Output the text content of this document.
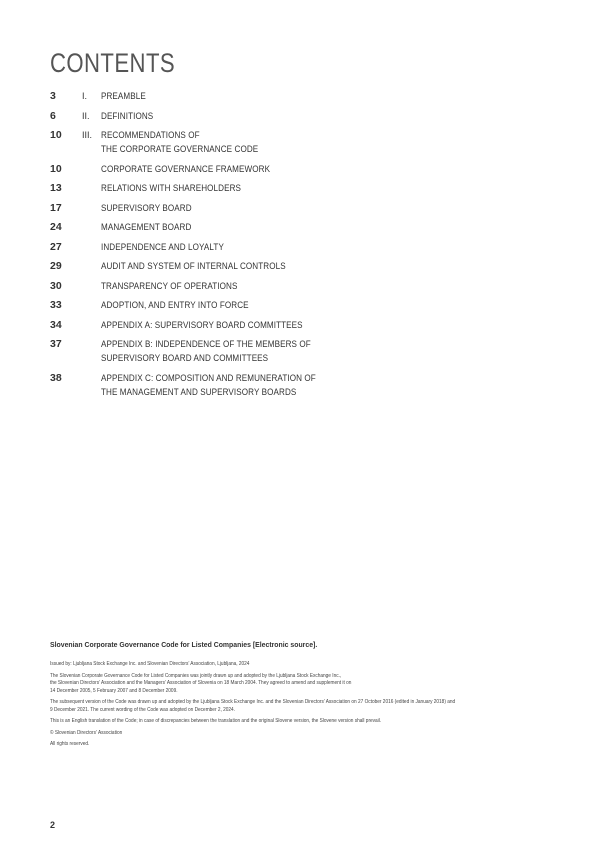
CONTENTS
3	I. PREAMBLE
6	II. DEFINITIONS
10 III. RECOMMENDATIONS OF
THE CORPORATE GOVERNANCE CODE
10	CORPORATE GOVERNANCE FRAMEWORK
13	RELATIONS WITH SHAREHOLDERS
17	SUPERVISORY BOARD
24	MANAGEMENT BOARD
27	INDEPENDENCE AND LOYALTY
29	AUDIT AND SYSTEM OF INTERNAL CONTROLS
30	TRANSPARENCY OF OPERATIONS
33	ADOPTION, AND ENTRY INTO FORCE
34	APPENDIX A: SUPERVISORY BOARD COMMITTEES
37	APPENDIX B: INDEPENDENCE OF THE MEMBERS OF
SUPERVISORY BOARD AND COMMITTEES
38	APPENDIX C: COMPOSITION AND REMUNERATION OF
THE MANAGEMENT AND SUPERVISORY BOARDS
Slovenian Corporate Governance Code for Listed Companies [Electronic source].

Issued by: Ljubljana Stock Exchange Inc. and Slovenian Directors’ Association, Ljubljana, 2024

The Slovenian Corporate Governance Code for Listed Companies was jointly drawn up and adopted by the Ljubljana Stock Exchange Inc.,
the Slovenian Directors’ Association and the Managers’ Association of Slovenia on 18 March 2004. They agreed to amend and supplement it on
14 December 2005, 5 February 2007 and 8 December 2009.

The subsequent version of the Code was drawn up and adopted by the Ljubljana Stock Exchange Inc. and the Slovenian Directors’ Association on 27 October 2016 (edited in January 2018) and
9 December 2021. The current wording of the Code was adopted on December 2, 2024.

This is an English translation of the Code; in case of discrepancies between the translation and the original Slovene version, the Slovene version shall prevail.

© Slovenian Directors’ Association

All rights reserved.

2
